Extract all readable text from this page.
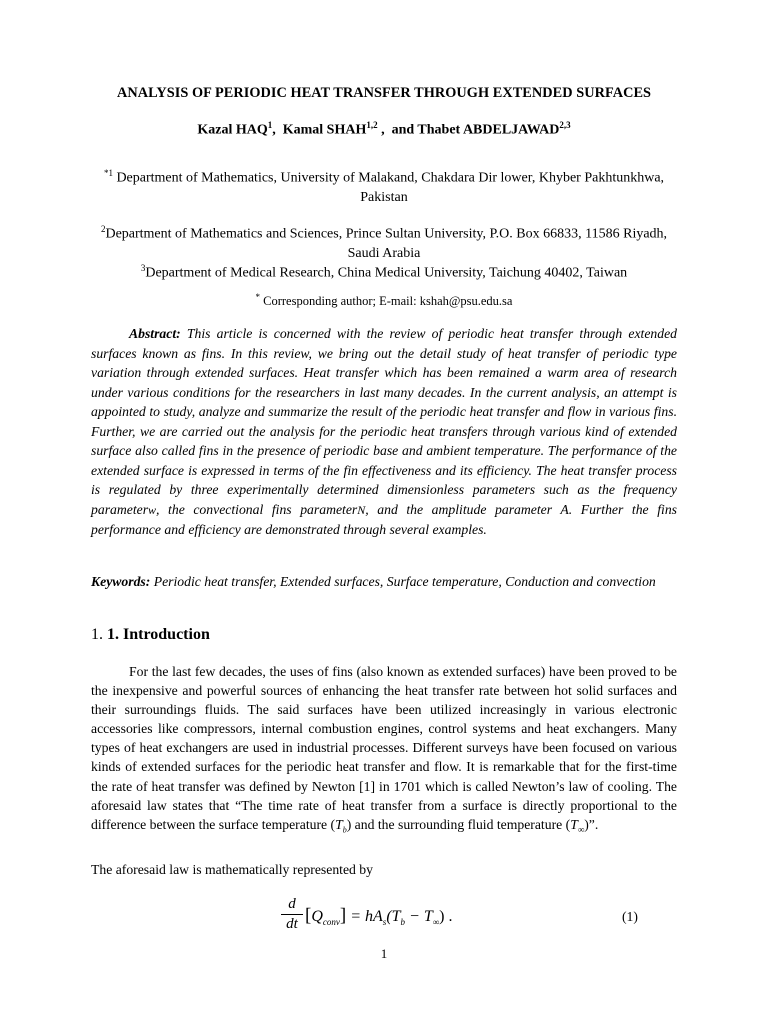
ANALYSIS OF PERIODIC HEAT TRANSFER THROUGH EXTENDED SURFACES
Kazal HAQ$^1$,  Kamal SHAH$^{1,2}$ ,  and Thabet ABDELJAWAD$^{2,3}$
$^{*1}$ Department of Mathematics, University of Malakand, Chakdara Dir lower, Khyber Pakhtunkhwa, Pakistan
$^2$Department of Mathematics and Sciences, Prince Sultan University, P.O. Box 66833, 11586 Riyadh, Saudi Arabia
$^3$Department of Medical Research, China Medical University, Taichung 40402, Taiwan
* Corresponding author; E-mail: kshah@psu.edu.sa

Abstract: This article is concerned with the review of periodic heat transfer through extended surfaces known as fins. In this review, we bring out the detail study of heat transfer of periodic type variation through extended surfaces. Heat transfer which has been remained a warm area of research under various conditions for the researchers in last many decades. In the current analysis, an attempt is appointed to study, analyze and summarize the result of the periodic heat transfer and flow in various fins. Further, we are carried out the analysis for the periodic heat transfers through various kind of extended surface also called fins in the presence of periodic base and ambient temperature. The performance of the extended surface is expressed in terms of the fin effectiveness and its efficiency. The heat transfer process is regulated by three experimentally determined dimensionless parameters such as the frequency parameterw, the convectional fins parameterN, and the amplitude parameter A. Further the fins performance and efficiency are demonstrated through several examples.

Keywords: Periodic heat transfer, Extended surfaces, Surface temperature, Conduction and convection

1. 1. Introduction

For the last few decades, the uses of fins (also known as extended surfaces) have been proved to be the inexpensive and powerful sources of enhancing the heat transfer rate between hot solid surfaces and their surroundings fluids. The said surfaces have been utilized increasingly in various electronic accessories like compressors, internal combustion engines, control systems and heat exchangers. Many types of heat exchangers are used in industrial processes. Different surveys have been focused on various kinds of extended surfaces for the periodic heat transfer and flow. It is remarkable that for the first-time the rate of heat transfer was defined by Newton [1] in 1701 which is called Newton’s law of cooling. The aforesaid law states that “The time rate of heat transfer from a surface is directly proportional to the difference between the surface temperature $(T_b)$ and the surrounding fluid temperature $(T_\infty)$”.

The aforesaid law is mathematically represented by

d
dt $[Q_{conv}] = hA_s(T_b - T_\infty)$ .	(1)
1
